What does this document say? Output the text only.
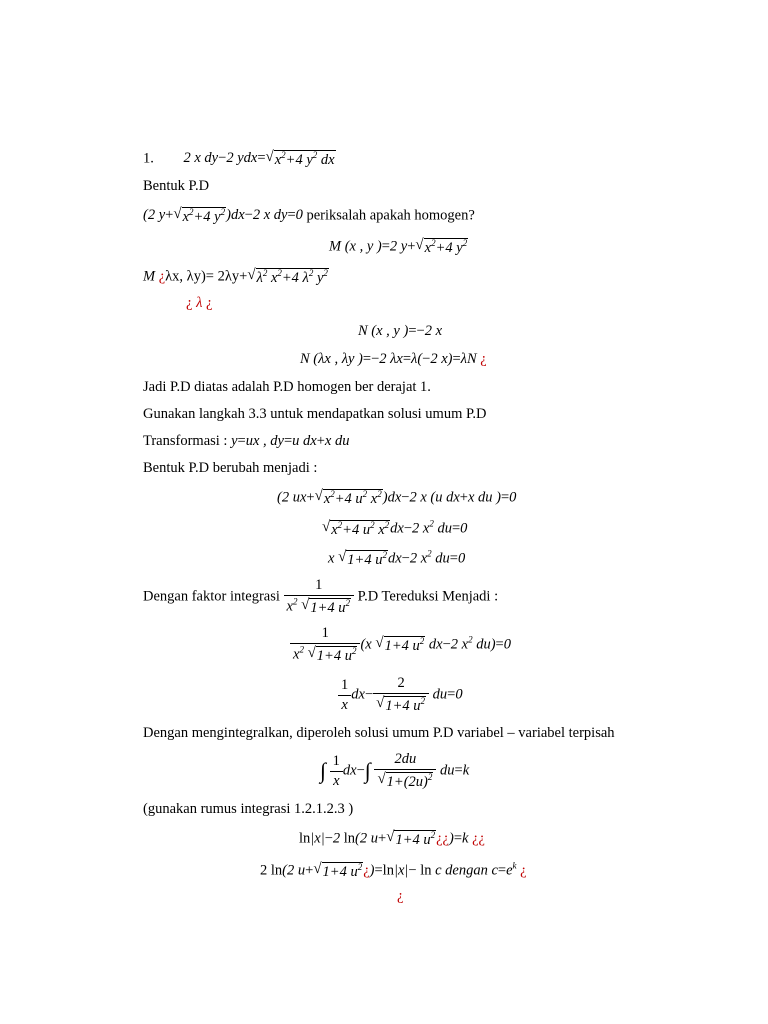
1. 2 x dy−2 ydx= √ $x^2+4$ $y^2$ dx
Bentuk P.D
(2 y+ √ $x^2+4$ $y^2$ )dx−2 x dy=0 periksalah apakah homogen?
M (x , y )=2 y+ √ $x^2+4$ $y^2$
M ¿λx, λy)= 2λy+ √ $\lambda^2$ $x^2+4$ $\lambda^2$ $y^2$
¿ λ ¿
N (x , y )=−2 x
N (λx , λy )=−2 λx=λ(−2 x)=λN ¿
Jadi P.D diatas adalah P.D homogen ber derajat 1.
Gunakan langkah 3.3 untuk mendapatkan solusi umum P.D
Transformasi : y=ux , dy=u dx+x du
Bentuk P.D berubah menjadi :
(2 ux+ √ $x^2+4$ $u^2$ $x^2$ )dx−2 x (u dx+x du )=0
√ $x^2+4$ $u^2$ $x^2$ dx−2 $x^2$ du=0
x √ 1+4 $u^2$ dx−2 $x^2$ du=0
Dengan faktor integrasi $\frac{1}{x^2 √ 1+4 u^2} P.D$ Tereduksi Menjadi :
$\frac{1}{x^2 √ 1+4 u^2} (x$ √ 1+4 $u^2$ dx−2 $x^2$ du)=0
$\frac{1}{x} dx- \frac{2}{√ 1+4 u^2} du=0$
Dengan mengintegralkan, diperoleh solusi umum P.D variabel – variabel terpisah
∫ $\frac{1}{x} dx-\int \frac{2du}{√ 1+(2u)^2} du=k$
(gunakan rumus integrasi 1.2.1.2.3 )
ln|x|−2 ln(2 u+ √ 1+4 $u^2$ ¿¿)=k ¿¿
2 ln(2 u+ √ 1+4 $u^2$ ¿)=ln|x|− ln c dengan $c=e^k$ ¿
¿
